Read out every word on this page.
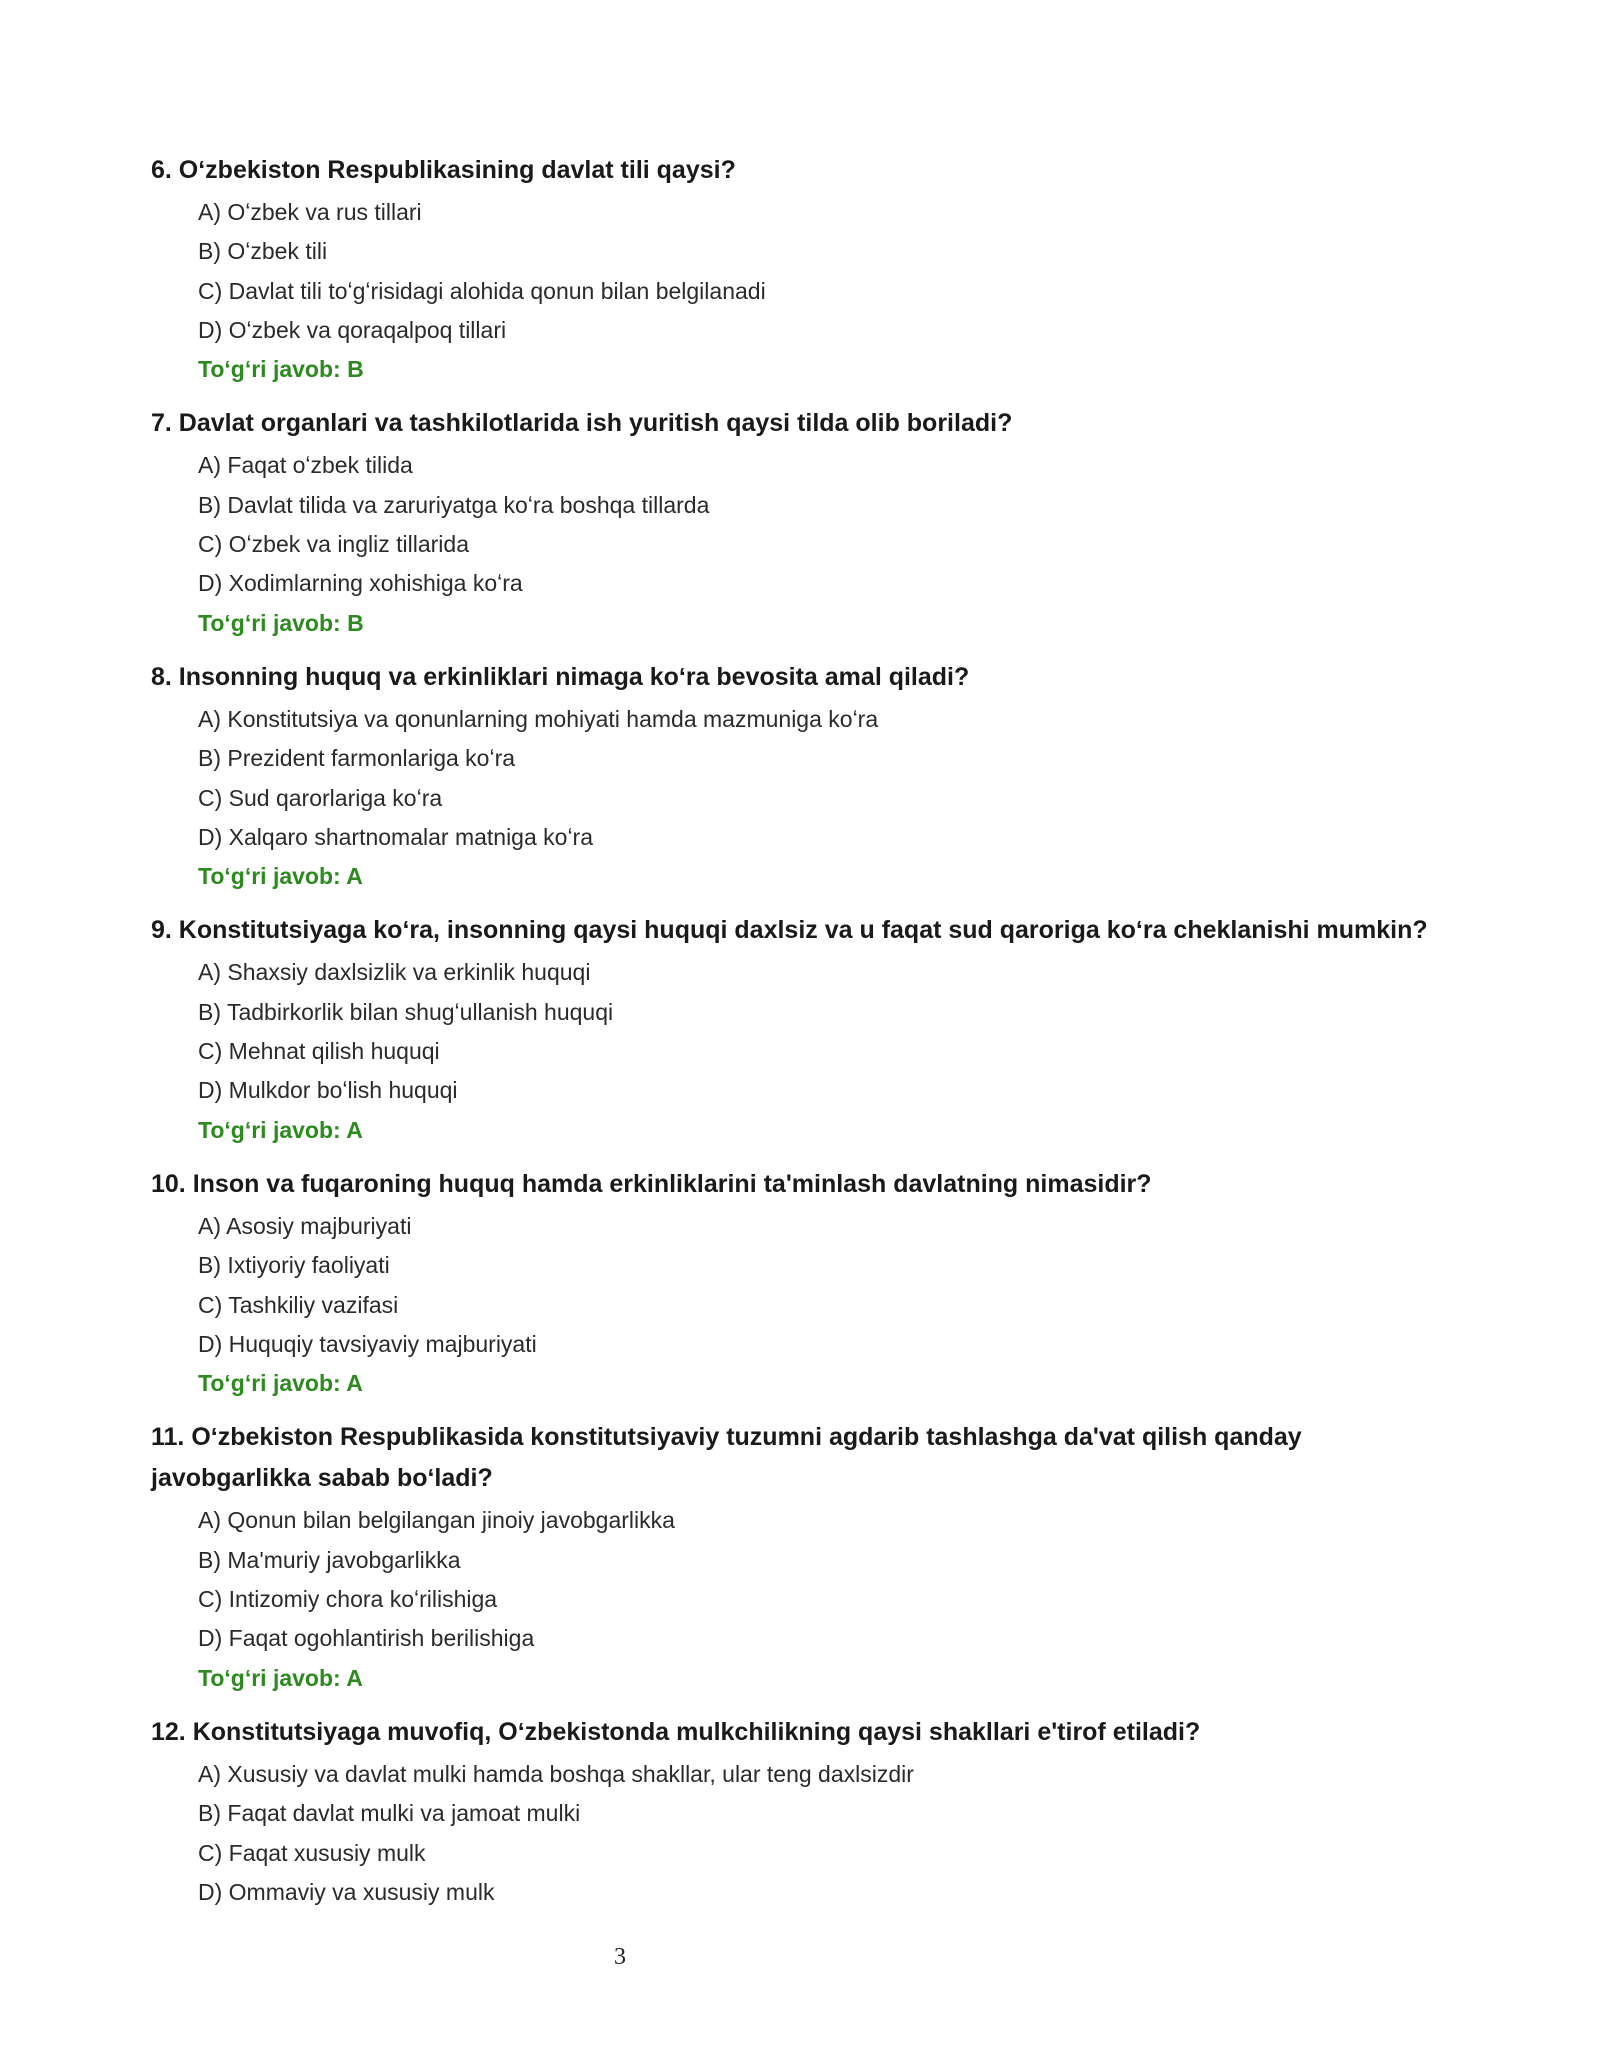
6. Oʻzbekiston Respublikasining davlat tili qaysi?
A) Oʻzbek va rus tillari
B) Oʻzbek tili
C) Davlat tili toʻgʻrisidagi alohida qonun bilan belgilanadi
D) Oʻzbek va qoraqalpoq tillari
Toʻgʻri javob: B
7. Davlat organlari va tashkilotlarida ish yuritish qaysi tilda olib boriladi?
A) Faqat oʻzbek tilida
B) Davlat tilida va zaruriyatga koʻra boshqa tillarda
C) Oʻzbek va ingliz tillarida
D) Xodimlarning xohishiga koʻra
Toʻgʻri javob: B
8. Insonning huquq va erkinliklari nimaga koʻra bevosita amal qiladi?
A) Konstitutsiya va qonunlarning mohiyati hamda mazmuniga koʻra
B) Prezident farmonlariga koʻra
C) Sud qarorlariga koʻra
D) Xalqaro shartnomalar matniga koʻra
Toʻgʻri javob: A
9. Konstitutsiyaga koʻra, insonning qaysi huquqi daxlsiz va u faqat sud qaroriga koʻra cheklanishi mumkin?
A) Shaxsiy daxlsizlik va erkinlik huquqi
B) Tadbirkorlik bilan shugʻullanish huquqi
C) Mehnat qilish huquqi
D) Mulkdor boʻlish huquqi
Toʻgʻri javob: A
10. Inson va fuqaroning huquq hamda erkinliklarini ta'minlash davlatning nimasidir?
A) Asosiy majburiyati
B) Ixtiyoriy faoliyati
C) Tashkiliy vazifasi
D) Huquqiy tavsiyaviy majburiyati
Toʻgʻri javob: A
11. Oʻzbekiston Respublikasida konstitutsiyaviy tuzumni agdarib tashlashga da'vat qilish qanday javobgarlikka sabab boʻladi?
A) Qonun bilan belgilangan jinoiy javobgarlikka
B) Ma'muriy javobgarlikka
C) Intizomiy chora koʻrilishiga
D) Faqat ogohlantirish berilishiga
Toʻgʻri javob: A
12. Konstitutsiyaga muvofiq, Oʻzbekistonda mulkchilikning qaysi shakllari e'tirof etiladi?
A) Xususiy va davlat mulki hamda boshqa shakllar, ular teng daxlsizdir
B) Faqat davlat mulki va jamoat mulki
C) Faqat xususiy mulk
D) Ommaviy va xususiy mulk
3
